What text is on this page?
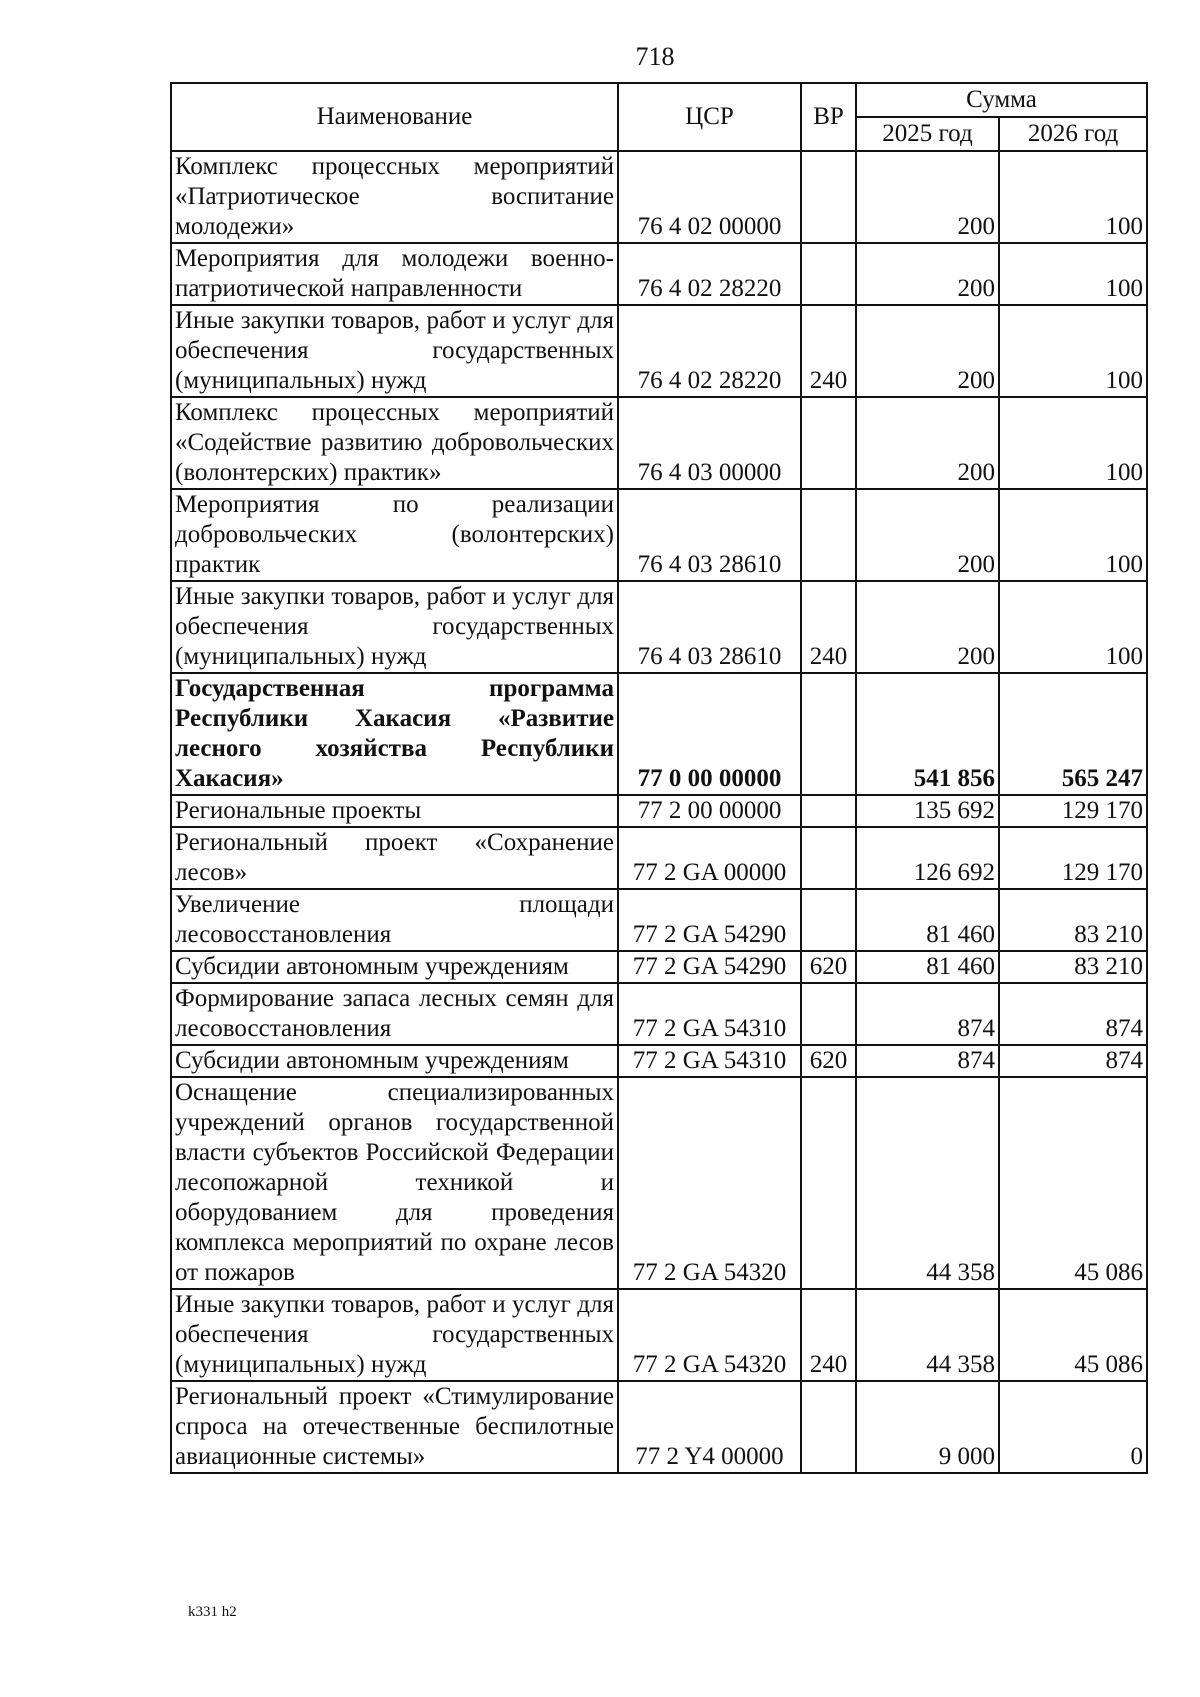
718
Наименование	ЦСР	ВР	Сумма	
			2025 год	2026 год
Комплекс процессных мероприятий «Патриотическое воспитание молодежи»	76 4 02 00000		200	100
Мероприятия для молодежи военно-патриотической направленности	76 4 02 28220		200	100
Иные закупки товаров, работ и услуг для обеспечения государственных (муниципальных) нужд	76 4 02 28220	240	200	100
Комплекс процессных мероприятий «Содействие развитию добровольческих (волонтерских) практик»	76 4 03 00000		200	100
Мероприятия по реализации добровольческих (волонтерских) практик	76 4 03 28610		200	100
Иные закупки товаров, работ и услуг для обеспечения государственных (муниципальных) нужд	76 4 03 28610	240	200	100
Государственная программа Республики Хакасия «Развитие лесного хозяйства Республики Хакасия»	77 0 00 00000		541 856	565 247
Региональные проекты	77 2 00 00000		135 692	129 170
Региональный проект «Сохранение лесов»	77 2 GA 00000		126 692	129 170
Увеличение площади лесовосстановления	77 2 GA 54290		81 460	83 210
Субсидии автономным учреждениям	77 2 GA 54290	620	81 460	83 210
Формирование запаса лесных семян для лесовосстановления	77 2 GA 54310		874	874
Субсидии автономным учреждениям	77 2 GA 54310	620	874	874
Оснащение специализированных учреждений органов государственной власти субъектов Российской Федерации лесопожарной техникой и оборудованием для проведения комплекса мероприятий по охране лесов от пожаров	77 2 GA 54320		44 358	45 086
Иные закупки товаров, работ и услуг для обеспечения государственных (муниципальных) нужд	77 2 GA 54320	240	44 358	45 086
Региональный проект «Стимулирование спроса на отечественные беспилотные авиационные системы»	77 2 Y4 00000		9 000	0
k331 h2
